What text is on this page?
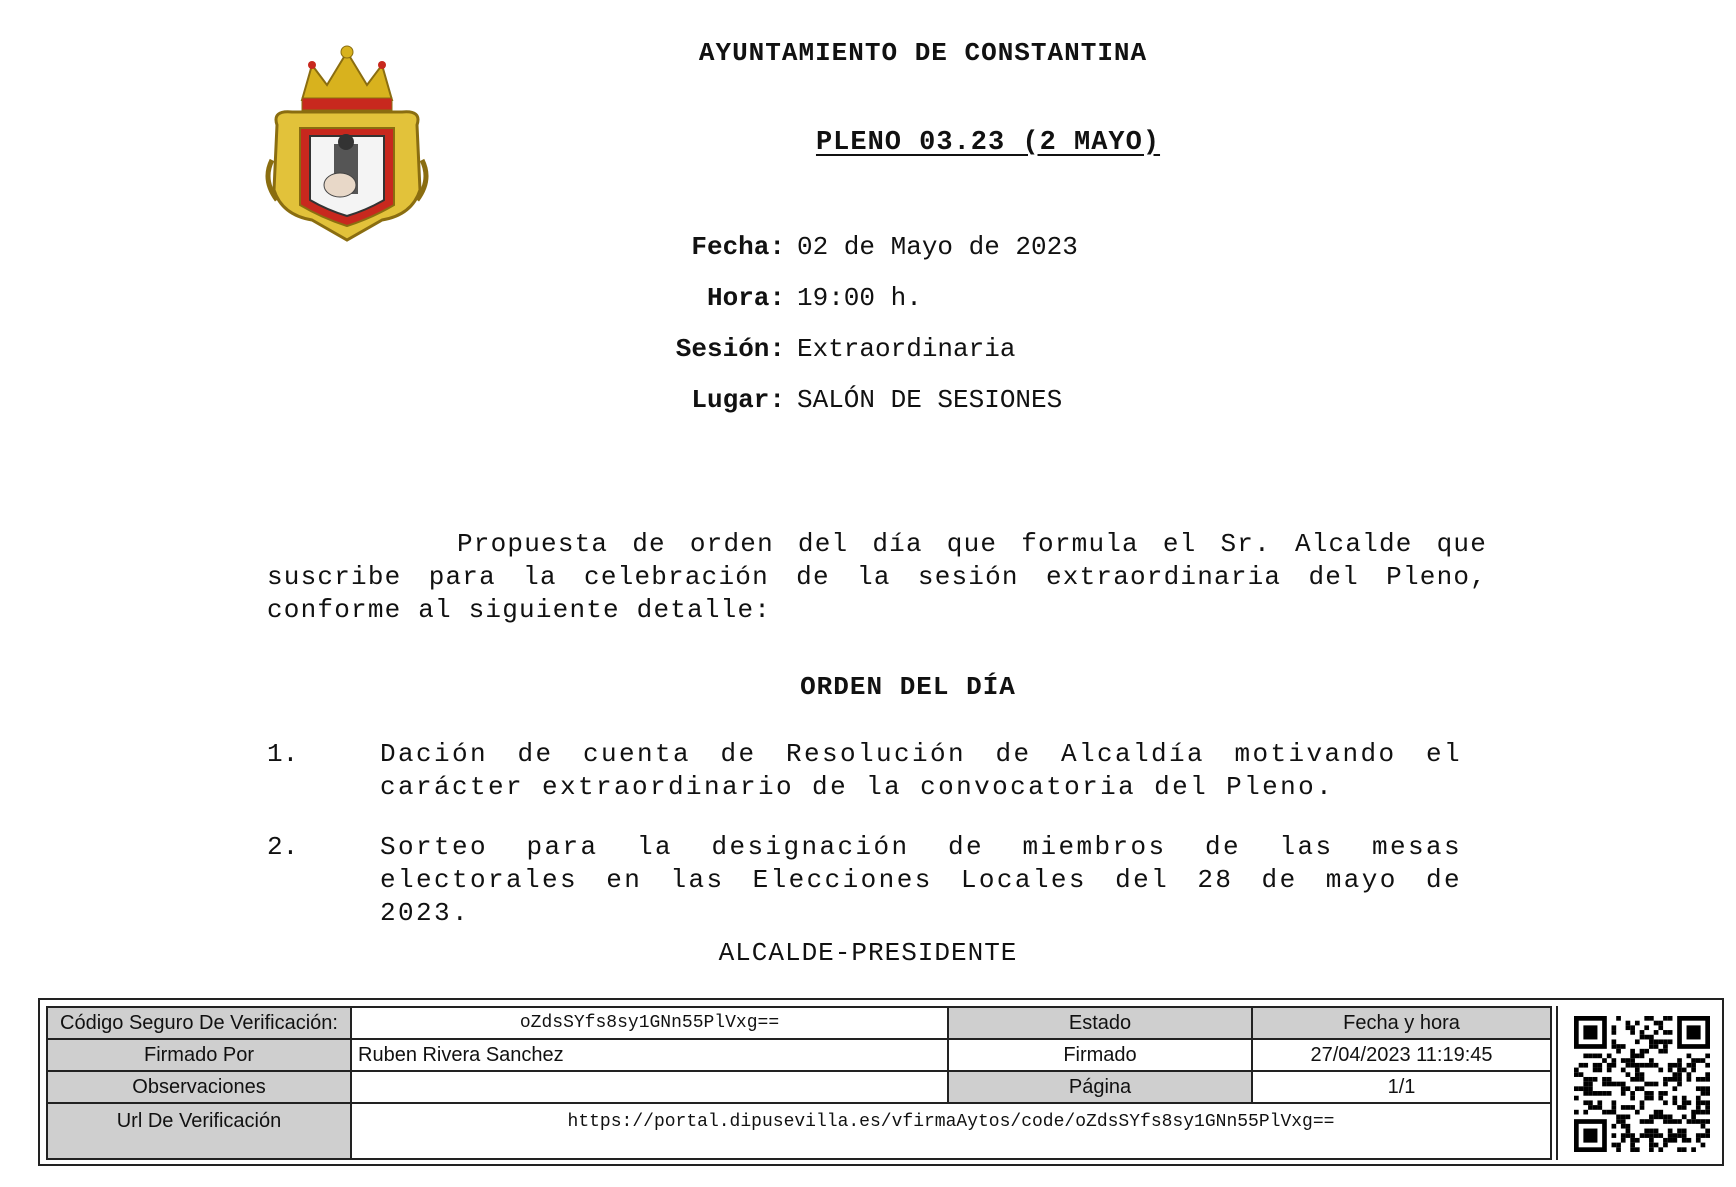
AYUNTAMIENTO DE CONSTANTINA
PLENO 03.23 (2 MAYO)
Fecha: 02 de Mayo de 2023
Hora: 19:00 h.
Sesión: Extraordinaria
Lugar: SALÓN DE SESIONES
Propuesta de orden del día que formula el Sr. Alcalde que suscribe para la celebración de la sesión extraordinaria del Pleno, conforme al siguiente detalle:
ORDEN DEL DÍA
1.	Dación de cuenta de Resolución de Alcaldía motivando el carácter extraordinario de la convocatoria del Pleno.
2.	Sorteo para la designación de miembros de las mesas electorales en las Elecciones Locales del 28 de mayo de 2023.
ALCALDE-PRESIDENTE
Código Seguro De Verificación:	oZdsSYfs8sy1GNn55PlVxg==	Estado	Fecha y hora
Firmado Por	Ruben Rivera Sanchez	Firmado	27/04/2023 11:19:45
Observaciones		Página	1/1
Url De Verificación	https://portal.dipusevilla.es/vfirmaAytos/code/oZdsSYfs8sy1GNn55PlVxg==		
